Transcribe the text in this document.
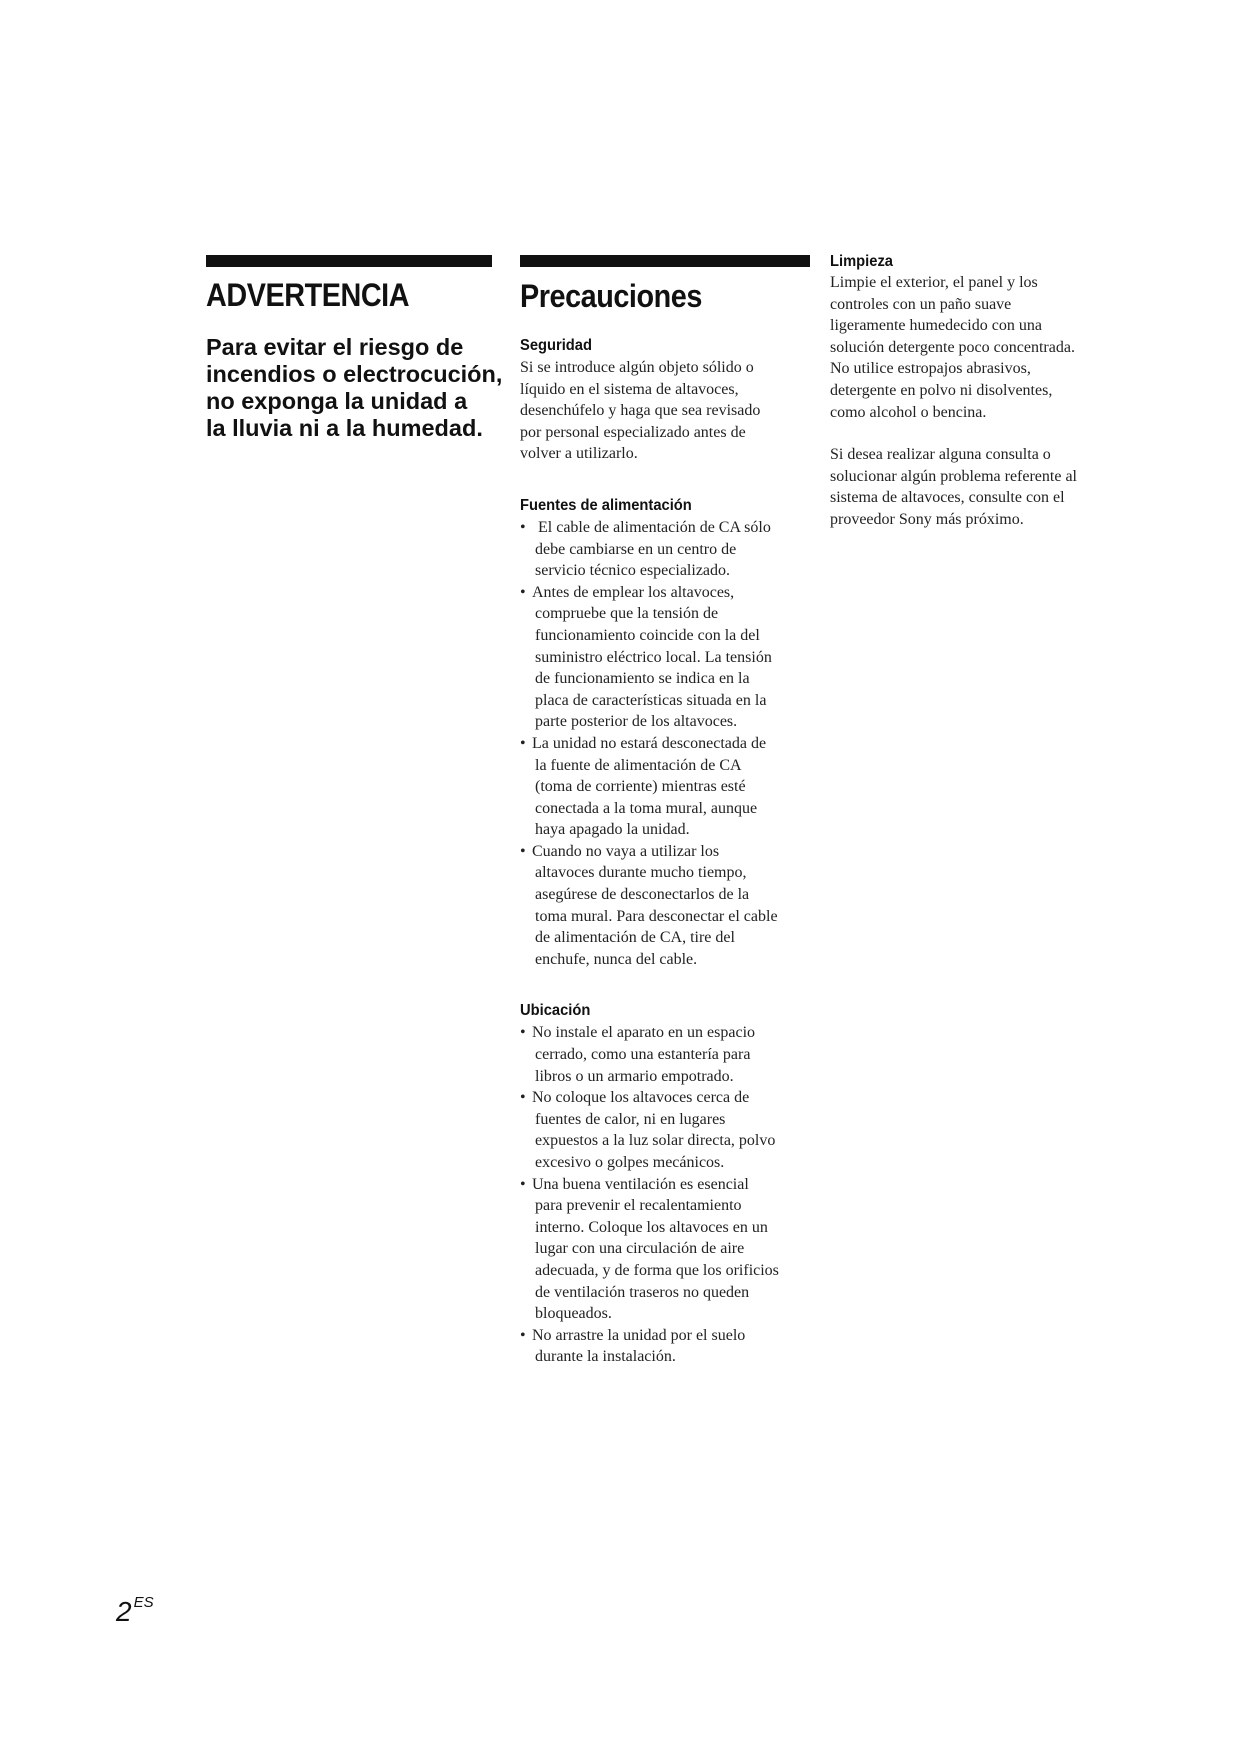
ADVERTENCIA
Para evitar el riesgo de
incendios o electrocución,
no exponga la unidad a
la lluvia ni a la humedad.
Precauciones
Seguridad
Si se introduce algún objeto sólido o
líquido en el sistema de altavoces,
desenchúfelo y haga que sea revisado
por personal especializado antes de
volver a utilizarlo.
Fuentes de alimentación
• El cable de alimentación de CA sólo
debe cambiarse en un centro de
servicio técnico especializado.
• Antes de emplear los altavoces,
compruebe que la tensión de
funcionamiento coincide con la del
suministro eléctrico local. La tensión
de funcionamiento se indica en la
placa de características situada en la
parte posterior de los altavoces.
• La unidad no estará desconectada de
la fuente de alimentación de CA
(toma de corriente) mientras esté
conectada a la toma mural, aunque
haya apagado la unidad.
• Cuando no vaya a utilizar los
altavoces durante mucho tiempo,
asegúrese de desconectarlos de la
toma mural. Para desconectar el cable
de alimentación de CA, tire del
enchufe, nunca del cable.
Ubicación
• No instale el aparato en un espacio
cerrado, como una estantería para
libros o un armario empotrado.
• No coloque los altavoces cerca de
fuentes de calor, ni en lugares
expuestos a la luz solar directa, polvo
excesivo o golpes mecánicos.
• Una buena ventilación es esencial
para prevenir el recalentamiento
interno. Coloque los altavoces en un
lugar con una circulación de aire
adecuada, y de forma que los orificios
de ventilación traseros no queden
bloqueados.
• No arrastre la unidad por el suelo
durante la instalación.
Limpieza
Limpie el exterior, el panel y los
controles con un paño suave
ligeramente humedecido con una
solución detergente poco concentrada.
No utilice estropajos abrasivos,
detergente en polvo ni disolventes,
como alcohol o bencina.
Si desea realizar alguna consulta o
solucionar algún problema referente al
sistema de altavoces, consulte con el
proveedor Sony más próximo.
2 $^{ES}$
